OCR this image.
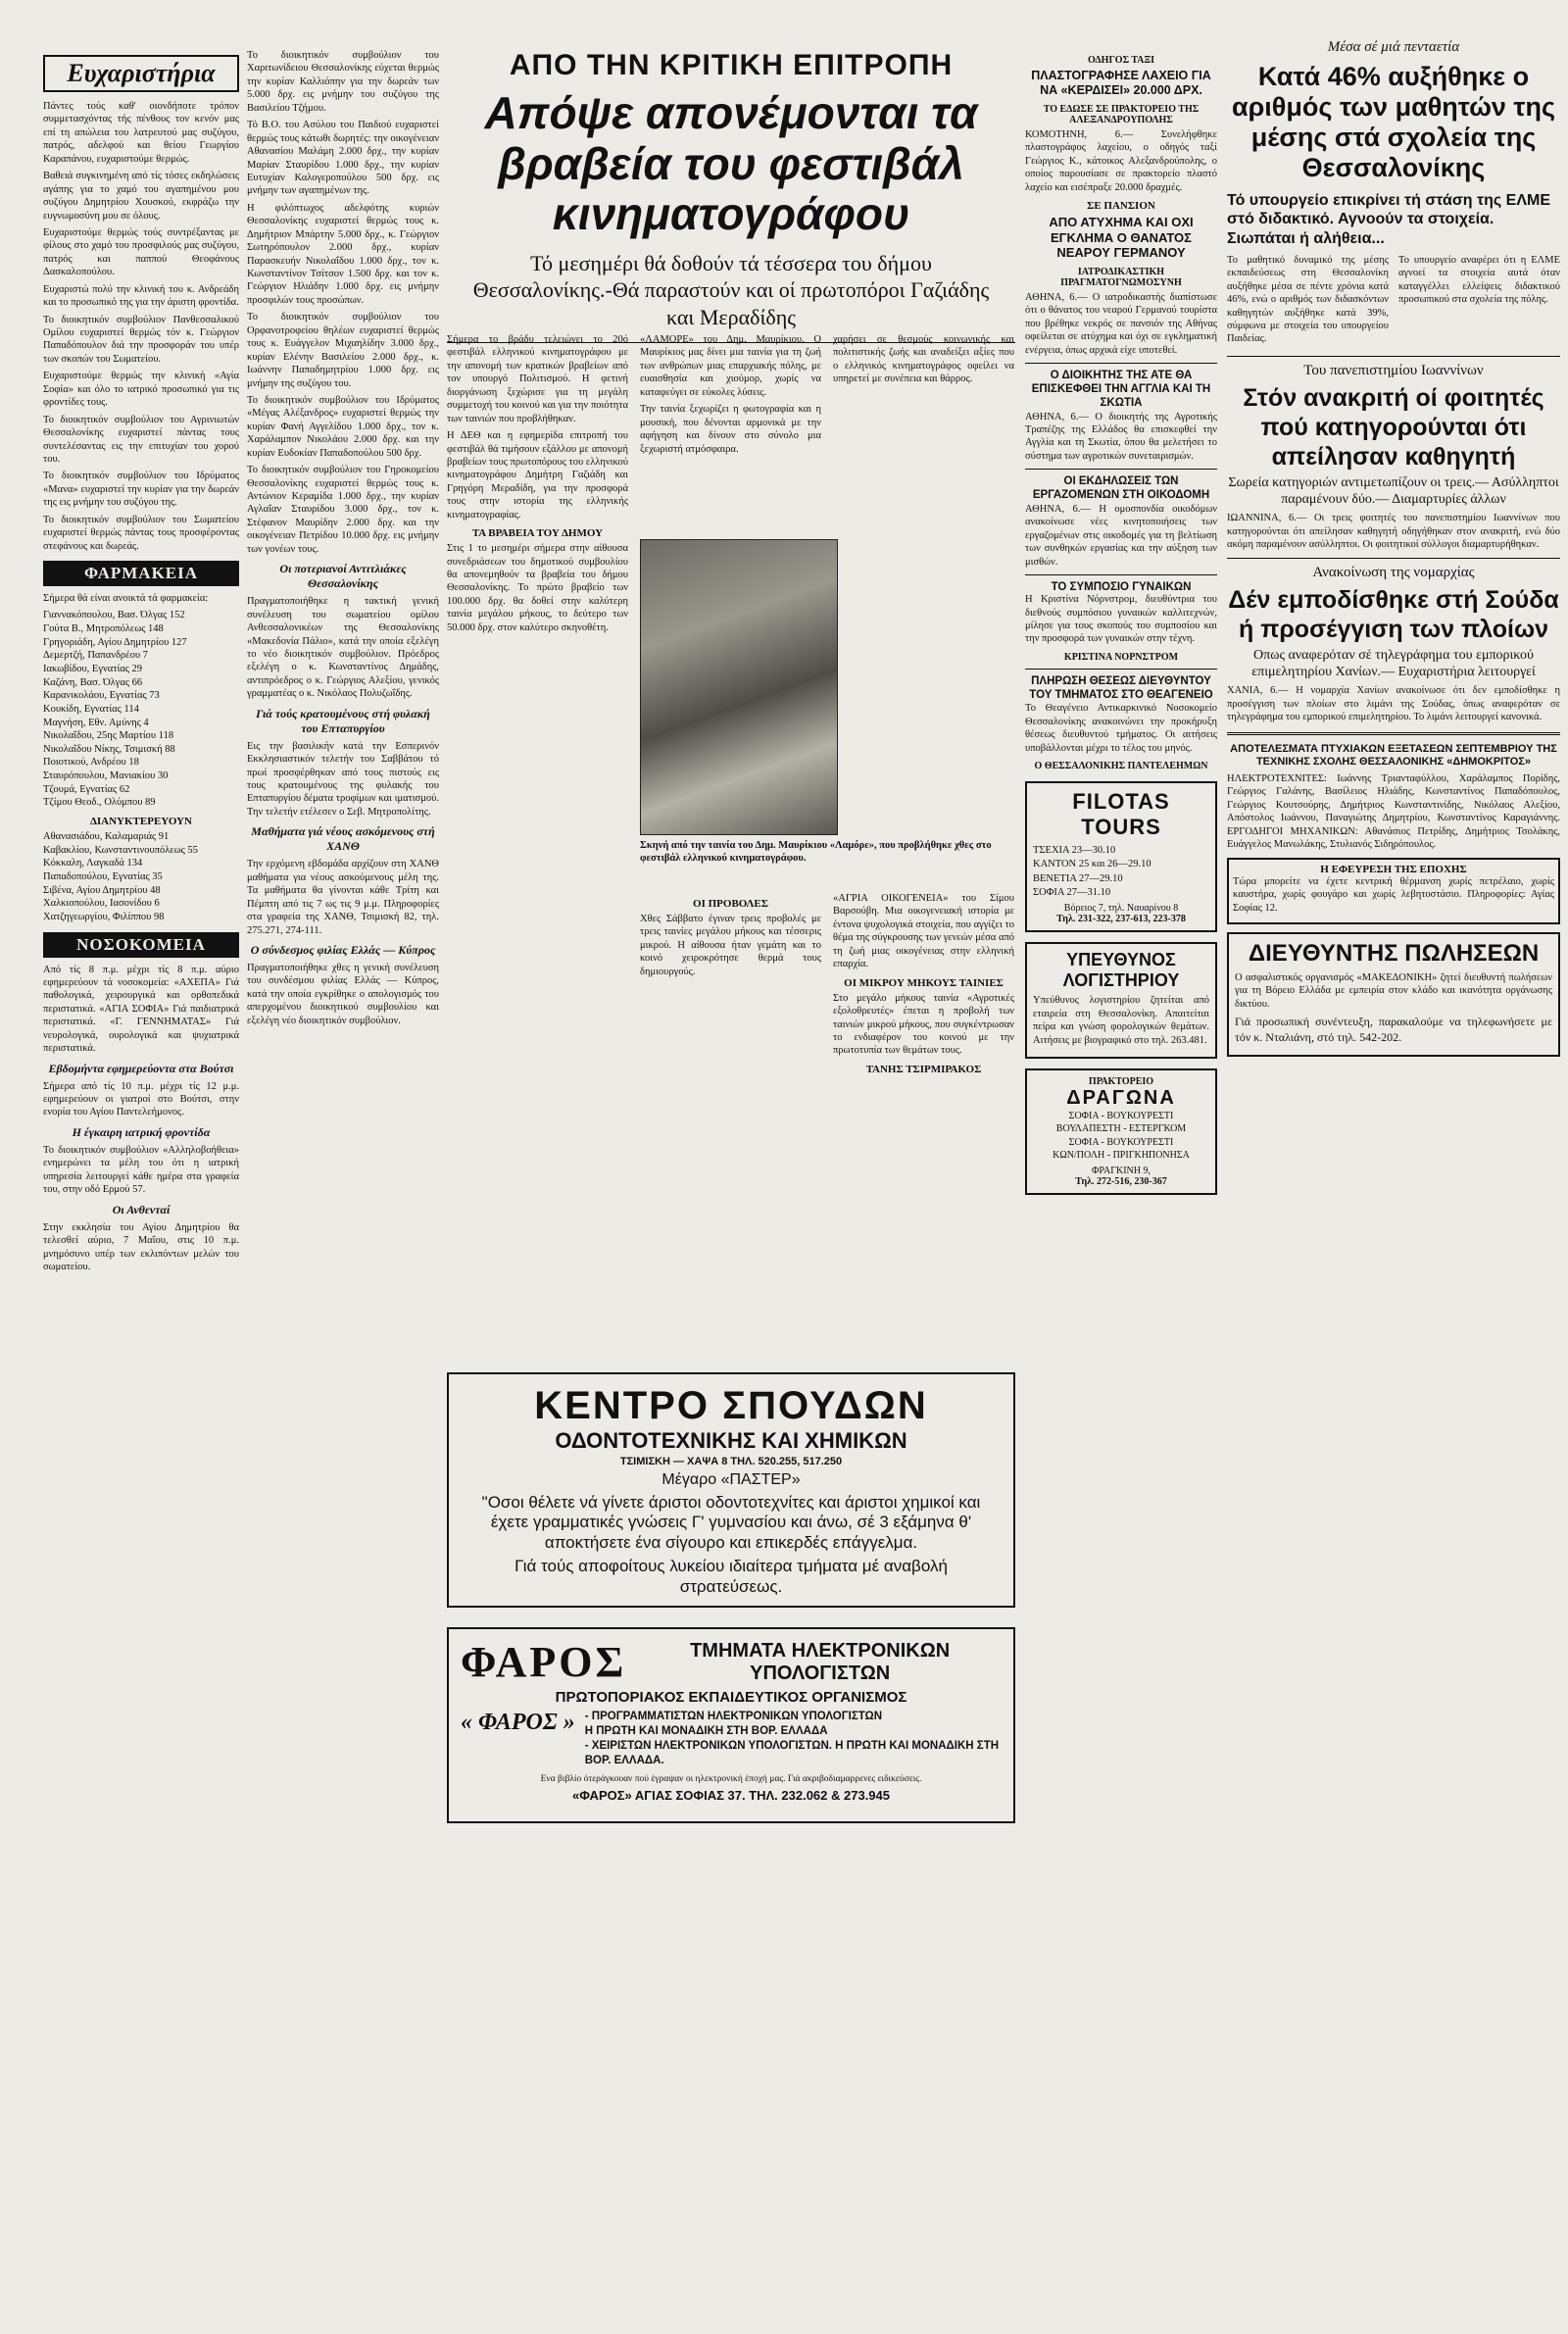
Ευχαριστήρια

Πάντες τούς καθ' οιονδήποτε τρόπον συμμετασχόντας τής πένθους τον κενόν μας επί τη απώλεια του λατρευτού μας συζύγου, πατρός, αδελφού και θείου Γεωργίου Καραπάνου, ευχαριστούμε θερμώς.

Βαθειά συγκινημένη από τίς τόσες εκδηλώσεις αγάπης για το χαμό του αγαπημένου μου συζύγου Δημητρίου Χουσκού, εκφράζω την ευγνωμοσύνη μου σε όλους.

Ευχαριστούμε θερμώς τούς συντρέξαντας με φίλους στο χαμό του προσφιλούς μας συζύγου, πατρός και παππού Θεοφάνους Δασκαλοπούλου.

Ευχαριστώ πολύ την κλινική του κ. Ανδρεάδη και το προσωπικό της για την άριστη φροντίδα.

Το διοικητικόν συμβούλιον Πανθεσσαλικού Ομίλου ευχαριστεί θερμώς τόν κ. Γεώργιον Παπαδόπουλον διά την προσφοράν του υπέρ των σκοπών του Σωματείου.

Ευχαριστούμε θερμώς την κλινική «Αγία Σοφία» και όλο το ιατρικό προσωπικό για τις φροντίδες τους.

Το διοικητικόν συμβούλιον του Αγρινιωτών Θεσσαλονίκης ευχαριστεί πάντας τους συντελέσαντας εις την επιτυχίαν του χορού του.

Το διοικητικόν συμβούλιον του Ιδρύματος «Μανα» ευχαριστεί την κυρίαν για την δωρεάν της εις μνήμην του συζύγου της.

Το διοικητικόν συμβούλιον του Σωματείου ευχαριστεί θερμώς πάντας τους προσφέροντας στεφάνους και δωρεάς.

ΦΑΡΜΑΚΕΙΑ

Σήμερα θά είναι ανοικτά τά φαρμακεία:

Γιαννακόπουλου, Βασ. Όλγας 152
Γούτα Β., Μητροπόλεως 148
Γρηγοριάδη, Αγίου Δημητρίου 127
Δεμερτζή, Παπανδρέου 7
Ιακωβίδου, Εγνατίας 29
Καζάνη, Βασ. Όλγας 66
Καρανικολάου, Εγνατίας 73
Κουκίδη, Εγνατίας 114
Μαγνήση, Εθν. Αμύνης 4
Νικολαΐδου, 25ης Μαρτίου 118
Νικολαΐδου Νίκης, Τσιμισκή 88
Ποιοτικού, Ανδρέου 18
Σταυρόπουλου, Μανιακίου 30
Τζουμά, Εγνατίας 62
Τζίμου Θεοδ., Ολύμπου 89
ΔΙΑΝΥΚΤΕΡΕΥΟΥΝ
Αθανασιάδου, Καλαμαριάς 91
Καβακλίου, Κωνσταντινουπόλεως 55
Κόκκαλη, Λαγκαδά 134
Παπαδοπούλου, Εγνατίας 35
Σιβένα, Αγίου Δημητρίου 48
Χαλκιοπούλου, Ιασονίδου 6
Χατζηγεωργίου, Φιλίππου 98
ΝΟΣΟΚΟΜΕΙΑ

Από τίς 8 π.μ. μέχρι τίς 8 π.μ. αύριο εφημερεύουν τά νοσοκομεία: «ΑΧΕΠΑ» Γιά παθολογικά, χειρουργικά και ορθοπεδικά περιστατικά. «ΑΓΙΑ ΣΟΦΙΑ» Γιά παιδιατρικά περιστατικά. «Γ. ΓΕΝΝΗΜΑΤΑΣ» Γιά νευρολογικά, ουρολογικά και ψυχιατρικά περιστατικά.

Εβδομήντα εφημερεύοντα στα Βούτσι

Σήμερα από τίς 10 π.μ. μέχρι τίς 12 μ.μ. εφημερεύουν οι γιατροί στο Βούτσι, στην ενορία του Αγίου Παντελεήμονος.

Η έγκαιρη ιατρική φροντίδα

Το διοικητικόν συμβούλιον «Αλληλοβοήθεια» ενημερώνει τα μέλη του ότι η ιατρική υπηρεσία λειτουργεί κάθε ημέρα στα γραφεία του, στην οδό Ερμού 57.

Οι Ανθενταί

Στην εκκλησία του Αγίου Δημητρίου θα τελεσθεί αύριο, 7 Μαΐου, στις 10 π.μ. μνημόσυνο υπέρ των εκλιπόντων μελών του σωματείου.

Το διοικητικόν συμβούλιον του Χαριτωνίδειου Θεσσαλονίκης εύχεται θερμώς την κυρίαν Καλλιόπην για την δωρεάν των 5.000 δρχ. εις μνήμην του συζύγου της Βασιλείου Τζήμου.

Τό Β.Ο. του Ασύλου του Παιδιού ευχαριστεί θερμώς τους κάτωθι δωρητές: την οικογένειαν Αθανασίου Μαλάμη 2.000 δρχ., την κυρίαν Μαρίαν Σταυρίδου 1.000 δρχ., την κυρίαν Ευτυχίαν Καλογεροπούλου 500 δρχ. εις μνήμην των αγαπημένων της.

Η φιλόπτωχος αδελφότης κυριών Θεσσαλονίκης ευχαριστεί θερμώς τους κ. Δημήτριον Μπάρτην 5.000 δρχ., κ. Γεώργιον Σωτηρόπουλον 2.000 δρχ., κυρίαν Παρασκευήν Νικολαΐδου 1.000 δρχ., τον κ. Κωνσταντίνον Τσίτσον 1.500 δρχ. και τον κ. Γεώργιον Ηλιάδην 1.000 δρχ. εις μνήμην προσφιλών τους προσώπων.

Το διοικητικόν συμβούλιον του Ορφανοτροφείου θηλέων ευχαριστεί θερμώς τους κ. Ευάγγελον Μιχαηλίδην 3.000 δρχ., κυρίαν Ελένην Βασιλείου 2.000 δρχ., κ. Ιωάννην Παπαδημητρίου 1.000 δρχ. εις μνήμην της συζύγου του.

Το διοικητικόν συμβούλιον του Ιδρύματος «Μέγας Αλέξανδρος» ευχαριστεί θερμώς την κυρίαν Φανή Αγγελίδου 1.000 δρχ., τον κ. Χαράλαμπον Νικολάου 2.000 δρχ. και την κυρίαν Ευδοκίαν Παπαδοπούλου 500 δρχ.

Το διοικητικόν συμβούλιον του Γηροκομείου Θεσσαλονίκης ευχαριστεί θερμώς τους κ. Αντώνιον Κεραμίδα 1.000 δρχ., την κυρίαν Αγλαΐαν Σταυρίδου 3.000 δρχ., τον κ. Στέφανον Μαυρίδην 2.000 δρχ. και την οικογένειαν Πετρίδου 10.000 δρχ. εις μνήμην των γονέων τους.

Οι ποτεριανοί Αντιτλιάκες Θεσσαλονίκης

Πραγματοποιήθηκε η τακτική γενική συνέλευση του σωματείου ομίλου Ανθεσσαλονικέων της Θεσσαλονίκης «Μακεδονία Πάλιο», κατά την οποία εξελέγη το νέο διοικητικόν συμβούλιον. Πρόεδρος εξελέγη ο κ. Κωνσταντίνος Δημάδης, αντιπρόεδρος ο κ. Γεώργιος Αλεξίου, γενικός γραμματέας ο κ. Νικόλαος Πολυζωΐδης.

Γιά τούς κρατουμένους στή φυλακή του Επταπυργίου

Εις την βασιλικήν κατά την Εσπερινόν Εκκλησιαστικόν τελετήν του Σαββάτου τό πρωί προσφέρθηκαν από τους πιστούς εις τους κρατουμένους της φυλακής του Επταπυργίου δέματα τροφίμων και ιματισμού. Την τελετήν ετέλεσεν ο Σεβ. Μητροπολίτης.

Μαθήματα γιά νέους ασκόμενους στή ΧΑΝΘ

Την ερχόμενη εβδομάδα αρχίζουν στη ΧΑΝΘ μαθήματα για νέους ασκούμενους μέλη της. Τα μαθήματα θα γίνονται κάθε Τρίτη και Πέμπτη από τις 7 ως τις 9 μ.μ. Πληροφορίες στα γραφεία της ΧΑΝΘ, Τσιμισκή 82, τηλ. 275.271, 274-111.

Ο σύνδεσμος φιλίας Ελλάς — Κύπρος

Πραγματοποιήθηκε χθες η γενική συνέλευση του συνδέσμου φιλίας Ελλάς — Κύπρος, κατά την οποία εγκρίθηκε ο απολογισμός του απερχομένου διοικητικού συμβουλίου και εξελέγη νέο διοικητικόν συμβούλιον.

ΑΠΟ ΤΗΝ ΚΡΙΤΙΚΗ ΕΠΙΤΡΟΠΗ
Απόψε απονέμονται τα βραβεία του φεστιβάλ κινηματογράφου
Τό μεσημέρι θά δοθούν τά τέσσερα του δήμου Θεσσαλονίκης.-Θά παραστούν και οί πρωτοπόροι Γαζιάδης και Μεραδίδης

Σήμερα το βράδυ τελειώνει το 20ό φεστιβάλ ελληνικού κινηματογράφου με την απονομή των κρατικών βραβείων από τον υπουργό Πολιτισμού. Η φετινή διοργάνωση ξεχώρισε για τη μεγάλη συμμετοχή του κοινού και για την ποιότητα των ταινιών που προβλήθηκαν.

Η ΔΕΘ και η εφημερίδα επιτροπή του φεστιβάλ θά τιμήσουν εξάλλου με απονομή βραβείων τους πρωτοπόρους του ελληνικού κινηματογράφου Δημήτρη Γαζιάδη και Γρηγόρη Μεραδίδη, για την προσφορά τους στην ιστορία της ελληνικής κινηματογραφίας.

ΤΑ ΒΡΑΒΕΙΑ ΤΟΥ ΔΗΜΟΥ

Στις 1 το μεσημέρι σήμερα στην αίθουσα συνεδριάσεων του δημοτικού συμβουλίου θα απονεμηθούν τα βραβεία του δήμου Θεσσαλονίκης. Το πρώτο βραβείο των 100.000 δρχ. θα δοθεί στην καλύτερη ταινία μεγάλου μήκους, το δεύτερο των 50.000 δρχ. στον καλύτερο σκηνοθέτη.

«ΛΑΜΟΡΕ» του Δημ. Μαυρίκιου. Ο Μαυρίκιος μας δίνει μια ταινία για τη ζωή των ανθρώπων μιας επαρχιακής πόλης, με ευαισθησία και χιούμορ, χωρίς να καταφεύγει σε εύκολες λύσεις.

Την ταινία ξεχωρίζει η φωτογραφία και η μουσική, που δένονται αρμονικά με την αφήγηση και δίνουν στο σύνολο μια ξεχωριστή ατμόσφαιρα.

χαρήσει σε θεσμούς κοινωνικής και πολιτιστικής ζωής και αναδείξει αξίες που ο ελληνικός κινηματογράφος οφείλει να υπηρετεί με συνέπεια και θάρρος.

Σκηνή από την ταινία του Δημ. Μαυρίκιου «Λαμόρε», που προβλήθηκε χθες στο φεστιβάλ ελληνικού κινηματογράφου.
ΟΙ ΠΡΟΒΟΛΕΣ

Χθες Σάββατο έγιναν τρεις προβολές με τρεις ταινίες μεγάλου μήκους και τέσσερις μικρού. Η αίθουσα ήταν γεμάτη και το κοινό χειροκρότησε θερμά τους δημιουργούς.

«ΑΓΡΙΑ ΟΙΚΟΓΕΝΕΙΑ» του Σίμου Βαρσούβη. Μια οικογενειακή ιστορία με έντονα ψυχολογικά στοιχεία, που αγγίζει το θέμα της σύγκρουσης των γενεών μέσα από τη ζωή μιας οικογένειας στην ελληνική επαρχία.

ΟΙ ΜΙΚΡΟΥ ΜΗΚΟΥΣ ΤΑΙΝΙΕΣ

Στο μεγάλο μήκους ταινία «Αγροτικές εξολοθρευτές» έπεται η προβολή των ταινιών μικρού μήκους, που συγκέντρωσαν το ενδιαφέρον του κοινού με την πρωτοτυπία των θεμάτων τους.

ΤΑΝΗΣ ΤΣΙΡΜΙΡΑΚΟΣ
ΚΕΝΤΡΟ ΣΠΟΥΔΩΝ
ΟΔΟΝΤΟΤΕΧΝΙΚΗΣ ΚΑΙ ΧΗΜΙΚΩΝ
ΤΣΙΜΙΣΚΗ — ΧΑΨΑ 8 ΤΗΛ. 520.255, 517.250
Μέγαρο «ΠΑΣΤΕΡ»
"Οσοι θέλετε νά γίνετε άριστοι οδοντοτεχνίτες και άριστοι χημικοί και έχετε γραμματικές γνώσεις Γ' γυμνασίου και άνω, σέ 3 εξάμηνα θ' αποκτήσετε ένα σίγουρο και επικερδές επάγγελμα.
Γιά τούς αποφοίτους λυκείου ιδιαίτερα τμήματα μέ αναβολή στρατεύσεως.
ΦΑΡΟΣ	ΤΜΗΜΑΤΑ ΗΛΕΚΤΡΟΝΙΚΩΝ ΥΠΟΛΟΓΙΣΤΩΝ
ΠΡΩΤΟΠΟΡΙΑΚΟΣ ΕΚΠΑΙΔΕΥΤΙΚΟΣ ΟΡΓΑΝΙΣΜΟΣ
« ΦΑΡΟΣ » - ΠΡΟΓΡΑΜΜΑΤΙΣΤΩΝ ΗΛΕΚΤΡΟΝΙΚΩΝ ΥΠΟΛΟΓΙΣΤΩΝ
Η ΠΡΩΤΗ ΚΑΙ ΜΟΝΑΔΙΚΗ ΣΤΗ ΒΟΡ. ΕΛΛΑΔΑ
- ΧΕΙΡΙΣΤΩΝ ΗΛΕΚΤΡΟΝΙΚΩΝ ΥΠΟΛΟΓΙΣΤΩΝ. Η ΠΡΩΤΗ ΚΑΙ ΜΟΝΑΔΙΚΗ ΣΤΗ ΒΟΡ. ΕΛΛΑΔΑ.
Ενα βιβλίο ότεράγκουαν πού έγραψαν οι ηλεκτρονική έποχή μας. Γιά ακριβοδιαμαρρενες ειδικεύσεις.
«ΦΑΡΟΣ» ΑΓΙΑΣ ΣΟΦΙΑΣ 37. ΤΗΛ. 232.062 & 273.945
ΟΔΗΓΟΣ ΤΑΞΙ
ΠΛΑΣΤΟΓΡΑΦΗΣΕ ΛΑΧΕΙΟ ΓΙΑ ΝΑ «ΚΕΡΔΙΣΕΙ» 20.000 ΔΡΧ.
ΤΟ ΕΔΩΣΕ ΣΕ ΠΡΑΚΤΟΡΕΙΟ ΤΗΣ ΑΛΕΞΑΝΔΡΟΥΠΟΛΗΣ

ΚΟΜΟΤΗΝΗ, 6.— Συνελήφθηκε πλαστογράφος λαχείου, ο οδηγός ταξί Γεώργιος Κ., κάτοικος Αλεξανδρούπολης, ο οποίος παρουσίασε σε πρακτορείο πλαστό λαχείο και εισέπραξε 20.000 δραχμές.

ΣΕ ΠΑΝΣΙΟΝ
ΑΠΟ ΑΤΥΧΗΜΑ ΚΑΙ ΟΧΙ ΕΓΚΛΗΜΑ Ο ΘΑΝΑΤΟΣ ΝΕΑΡΟΥ ΓΕΡΜΑΝΟΥ
ΙΑΤΡΟΔΙΚΑΣΤΙΚΗ ΠΡΑΓΜΑΤΟΓΝΩΜΟΣΥΝΗ

ΑΘΗΝΑ, 6.— Ο ιατροδικαστής διαπίστωσε ότι ο θάνατος του νεαρού Γερμανού τουρίστα που βρέθηκε νεκρός σε πανσιόν της Αθήνας οφείλεται σε ατύχημα και όχι σε εγκληματική ενέργεια, όπως αρχικά είχε υποτεθεί.

Ο ΔΙΟΙΚΗΤΗΣ ΤΗΣ ΑΤΕ ΘΑ ΕΠΙΣΚΕΦΘΕΙ ΤΗΝ ΑΓΓΛΙΑ ΚΑΙ ΤΗ ΣΚΩΤΙΑ

ΑΘΗΝΑ, 6.— Ο διοικητής της Αγροτικής Τραπέζης της Ελλάδος θα επισκεφθεί την Αγγλία και τη Σκωτία, όπου θα μελετήσει το σύστημα των αγροτικών συνεταιρισμών.

ΟΙ ΕΚΔΗΛΩΣΕΙΣ ΤΩΝ ΕΡΓΑΖΟΜΕΝΩΝ ΣΤΗ ΟΙΚΟΔΟΜΗ

ΑΘΗΝΑ, 6.— Η ομοσπονδία οικοδόμων ανακοίνωσε νέες κινητοποιήσεις των εργαζομένων στις οικοδομές για τη βελτίωση των συνθηκών εργασίας και την αύξηση των μισθών.

ΤΟ ΣΥΜΠΟΣΙΟ ΓΥΝΑΙΚΩΝ

Η Κριστίνα Νόρνστρομ, διευθύντρια του διεθνούς συμπόσιου γυναικών καλλιτεχνών, μίλησε για τους σκοπούς του συμποσίου και την προσφορά των γυναικών στην τέχνη.

ΚΡΙΣΤΙΝΑ ΝΟΡΝΣΤΡΟΜ
ΠΛΗΡΩΣΗ ΘΕΣΕΩΣ ΔΙΕΥΘΥΝΤΟΥ ΤΟΥ ΤΜΗΜΑΤΟΣ ΣΤΟ ΘΕΑΓΕΝΕΙΟ

Το Θεαγένειο Αντικαρκινικό Νοσοκομείο Θεσσαλονίκης ανακοινώνει την προκήρυξη θέσεως διευθυντού τμήματος. Οι αιτήσεις υποβάλλονται μέχρι το τέλος του μηνός.

Ο ΘΕΣΣΑΛΟΝΙΚΗΣ ΠΑΝΤΕΛΕΗΜΩΝ
FILOTAS TOURS
ΤΣΕΧΙΑ 23—30.10
ΚΑΝΤΟΝ 25 και 26—29.10
ΒΕΝΕΤΙΑ 27—29.10
ΣΟΦΙΑ 27—31.10
Βόρειος 7, τηλ. Ναυαρίνου 8
Τηλ. 231-322, 237-613, 223-378
ΥΠΕΥΘΥΝΟΣ ΛΟΓΙΣΤΗΡΙΟΥ

Υπεύθυνος λογιστηρίου ζητείται από εταιρεία στη Θεσσαλονίκη. Απαιτείται πείρα και γνώση φορολογικών θεμάτων. Αιτήσεις με βιογραφικό στο τηλ. 263.481.

ΠΡΑΚΤΟΡΕΙΟ
ΔΡΑΓΩΝΑ
ΣΟΦΙΑ - ΒΟΥΚΟΥΡΕΣΤΙ
ΒΟΥΛΑΠΕΣΤΗ - ΕΣΤΕΡΓΚΟΜ
ΣΟΦΙΑ - ΒΟΥΚΟΥΡΕΣΤΙ
ΚΩΝ/ΠΟΛΗ - ΠΡΙΓΚΗΠΟΝΗΣΑ
ΦΡΑΓΚΙΝΗ 9,
Τηλ. 272-516, 230-367
Μέσα σέ μιά πενταετία
Κατά 46% αυξήθηκε ο αριθμός των μαθητών της μέσης στά σχολεία της Θεσσαλονίκης
Τό υπουργείο επικρίνει τή στάση της ΕΛΜΕ στό διδακτικό. Αγνοούν τα στοιχεία. Σιωπάται ή αλήθεια...

Το μαθητικό δυναμικό της μέσης εκπαιδεύσεως στη Θεσσαλονίκη αυξήθηκε μέσα σε πέντε χρόνια κατά 46%, ενώ ο αριθμός των διδασκόντων καθηγητών αυξήθηκε κατά 39%, σύμφωνα με στοιχεία του υπουργείου Παιδείας.

Το υπουργείο αναφέρει ότι η ΕΛΜΕ αγνοεί τα στοιχεία αυτά όταν καταγγέλλει ελλείψεις διδακτικού προσωπικού στα σχολεία της πόλης.

Του πανεπιστημίου Ιωαννίνων
Στόν ανακριτή οί φοιτητές πού κατηγορούνται ότι απείλησαν καθηγητή
Σωρεία κατηγοριών αντιμετωπίζουν οι τρεις.— Ασύλληπτοι παραμένουν δύο.— Διαμαρτυρίες άλλων

ΙΩΑΝΝΙΝΑ, 6.— Οι τρεις φοιτητές του πανεπιστημίου Ιωαννίνων που κατηγορούνται ότι απείλησαν καθηγητή οδηγήθηκαν στον ανακριτή, ενώ δύο ακόμη παραμένουν ασύλληπτοι. Οι φοιτητικοί σύλλογοι διαμαρτυρήθηκαν.

Ανακοίνωση της νομαρχίας
Δέν εμποδίσθηκε στή Σούδα ή προσέγγιση των πλοίων
Οπως αναφερόταν σέ τηλεγράφημα του εμπορικού επιμελητηρίου Χανίων.— Ευχαριστήρια λειτουργεί

ΧΑΝΙΑ, 6.— Η νομαρχία Χανίων ανακοίνωσε ότι δεν εμποδίσθηκε η προσέγγιση των πλοίων στο λιμάνι της Σούδας, όπως αναφερόταν σε τηλεγράφημα του εμπορικού επιμελητηρίου. Το λιμάνι λειτουργεί κανονικά.

ΑΠΟΤΕΛΕΣΜΑΤΑ ΠΤΥΧΙΑΚΩΝ ΕΞΕΤΑΣΕΩΝ ΣΕΠΤΕΜΒΡΙΟΥ ΤΗΣ ΤΕΧΝΙΚΗΣ ΣΧΟΛΗΣ ΘΕΣΣΑΛΟΝΙΚΗΣ «ΔΗΜΟΚΡΙΤΟΣ»

ΗΛΕΚΤΡΟΤΕΧΝΙΤΕΣ: Ιωάννης Τριανταφύλλου, Χαράλαμπος Πορίδης, Γεώργιος Γαλάνης, Βασίλειος Ηλιάδης, Κωνσταντίνος Παπαδόπουλος, Γεώργιος Κουτσούρης, Δημήτριος Κωνσταντινίδης, Νικόλαος Αλεξίου, Απόστολος Ιωάννου, Παναγιώτης Δημητρίου, Κωνσταντίνος Καραγιάννης. ΕΡΓΟΔΗΓΟΙ ΜΗΧΑΝΙΚΩΝ: Αθανάσιος Πετρίδης, Δημήτριος Τσολάκης, Ευάγγελος Μανωλάκης, Στυλιανός Σιδηρόπουλος.

Η ΕΦΕΥΡΕΣΗ ΤΗΣ ΕΠΟΧΗΣ

Τώρα μπορείτε να έχετε κεντρική θέρμανση χωρίς πετρέλαιο, χωρίς καυστήρα, χωρίς φουγάρο και χωρίς λεβητοστάσιο. Πληροφορίες: Αγίας Σοφίας 12.

ΔΙΕΥΘΥΝΤΗΣ ΠΩΛΗΣΕΩΝ

Ο ασφαλιστικός οργανισμός «ΜΑΚΕΔΟΝΙΚΗ» ζητεί διευθυντή πωλήσεων για τη Βόρειο Ελλάδα με εμπειρία στον κλάδο και ικανότητα οργάνωσης δικτύου.

Γιά προσωπική συνέντευξη, παρακαλούμε να τηλεφωνήσετε με τόν κ. Νταλιάνη, στό τηλ. 542-202.
